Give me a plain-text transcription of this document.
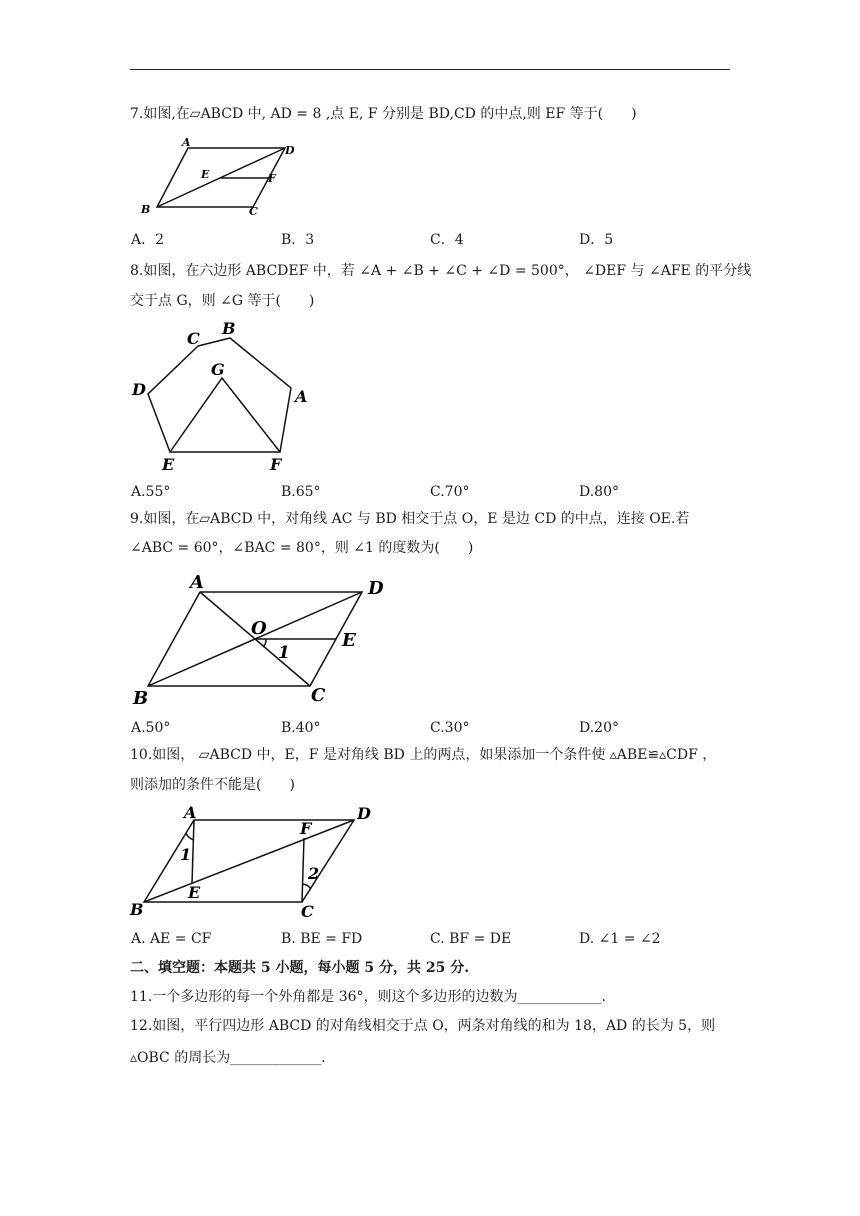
7.如图,在▱ABCD 中, AD = 8 ,点 E, F 分别是 BD,CD 的中点,则 EF 等于(　　)
A
D
E	F
B	C
A．2	B．3	C．4	D．5
8.如图，在六边形 ABCDEF 中，若 ∠A + ∠B + ∠C + ∠D = 500°， ∠DEF 与 ∠AFE 的平分线
交于点 G，则 ∠G 等于(　　)
B
C
D
G
A
E	F
A.55°	B.65°	C.70°	D.80°
9.如图，在▱ABCD 中，对角线 AC 与 BD 相交于点 O，E 是边 CD 的中点，连接 OE.若
∠ABC = 60°，∠BAC = 80°，则 ∠1 的度数为(　　)
A	D
O
E
1
B	C
A.50°	B.40°	C.30°	D.20°
10.如图， ▱ABCD 中，E，F 是对角线 BD 上的两点，如果添加一个条件使 ▵ABE≌▵CDF ，
则添加的条件不能是(　　)
A	D
F
1
2
E
B	C
A. AE = CF	B. BE = FD	C. BF = DE	D. ∠1 = ∠2
二、填空题：本题共 5 小题，每小题 5 分，共 25 分.
11.一个多边形的每一个外角都是 36°，则这个多边形的边数为____________.
12.如图，平行四边形 ABCD 的对角线相交于点 O，两条对角线的和为 18，AD 的长为 5，则
▵OBC 的周长为_____________.
